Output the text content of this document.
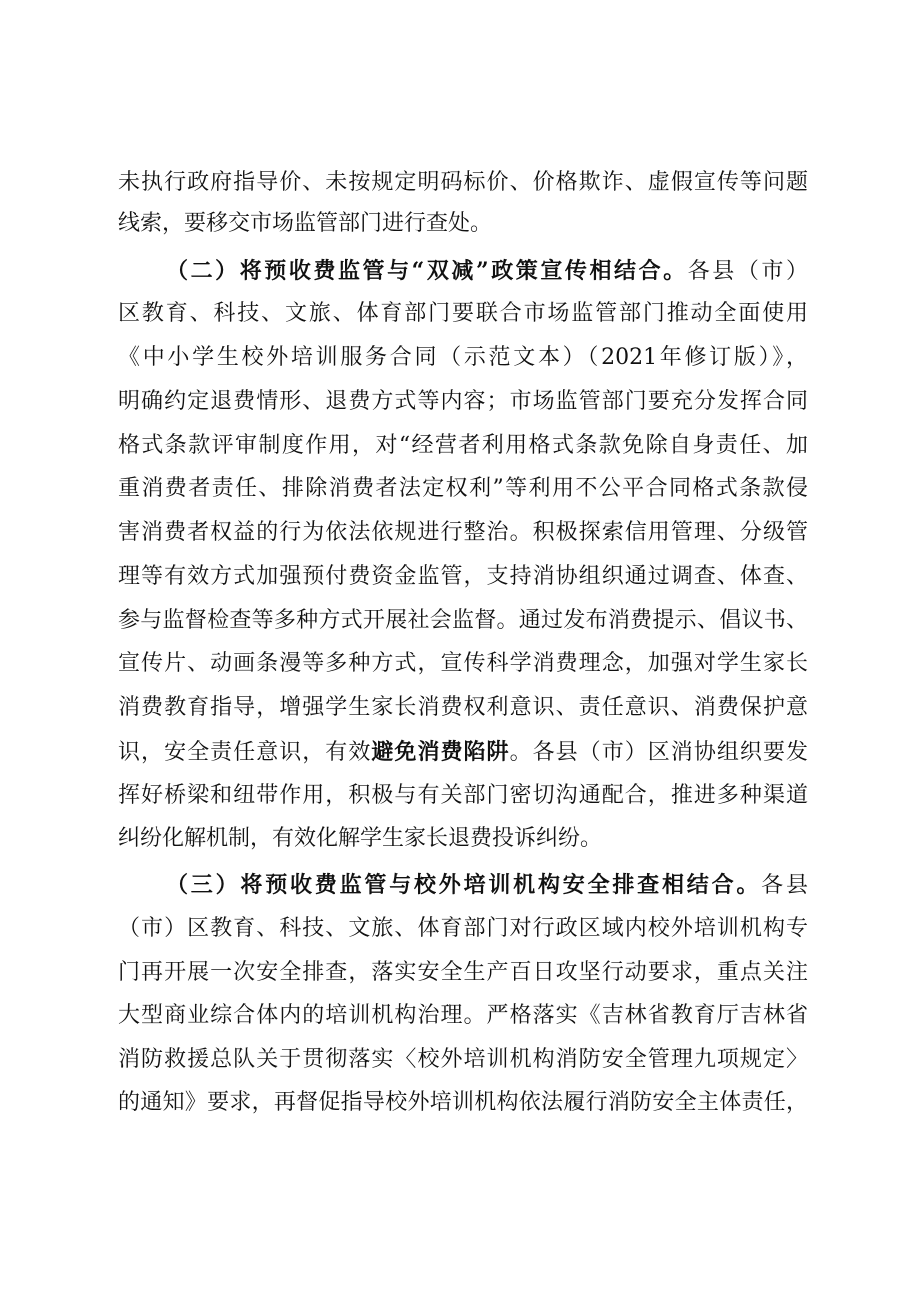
未执行政府指导价、未按规定明码标价、价格欺诈、虚假宣传等问题
线索，要移交市场监管部门进行查处。
（二）将预收费监管与“双减”政策宣传相结合。各县（市）
区教育、科技、文旅、体育部门要联合市场监管部门推动全面使用
《中小学生校外培训服务合同（示范文本）（2021年修订版）》，
明确约定退费情形、退费方式等内容；市场监管部门要充分发挥合同
格式条款评审制度作用，对“经营者利用格式条款免除自身责任、加
重消费者责任、排除消费者法定权利”等利用不公平合同格式条款侵
害消费者权益的行为依法依规进行整治。积极探索信用管理、分级管
理等有效方式加强预付费资金监管，支持消协组织通过调查、体查、
参与监督检查等多种方式开展社会监督。通过发布消费提示、倡议书、
宣传片、动画条漫等多种方式，宣传科学消费理念，加强对学生家长
消费教育指导，增强学生家长消费权利意识、责任意识、消费保护意
识，安全责任意识，有效避免消费陷阱。各县（市）区消协组织要发
挥好桥梁和纽带作用，积极与有关部门密切沟通配合，推进多种渠道
纠纷化解机制，有效化解学生家长退费投诉纠纷。
（三）将预收费监管与校外培训机构安全排查相结合。各县
（市）区教育、科技、文旅、体育部门对行政区域内校外培训机构专
门再开展一次安全排查，落实安全生产百日攻坚行动要求，重点关注
大型商业综合体内的培训机构治理。严格落实《吉林省教育厅吉林省
消防救援总队关于贯彻落实〈校外培训机构消防安全管理九项规定〉
的通知》要求，再督促指导校外培训机构依法履行消防安全主体责任，
